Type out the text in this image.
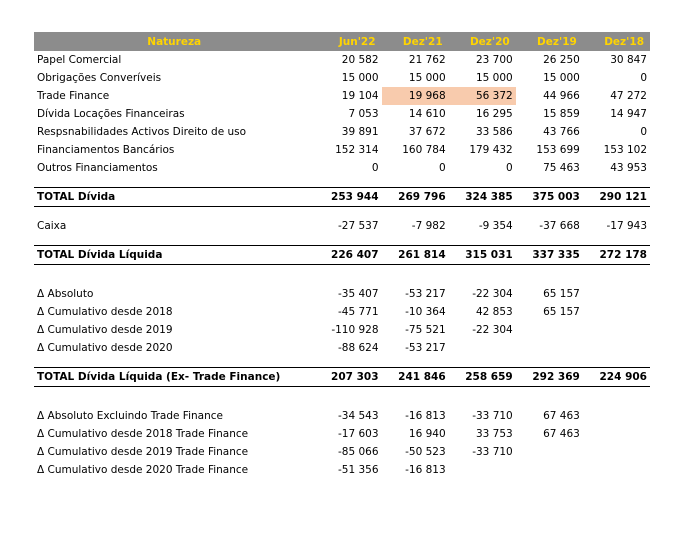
Natureza	Jun'22	Dez'21	Dez'20	Dez'19	Dez'18
Papel Comercial	20 582	21 762	23 700	26 250	30 847
Obrigações Converíveis	15 000	15 000	15 000	15 000	0
Trade Finance	19 104	19 968	56 372	44 966	47 272
Dívida Locações Financeiras	7 053	14 610	16 295	15 859	14 947
Respsnabilidades Activos Direito de uso	39 891	37 672	33 586	43 766	0
Financiamentos Bancários	152 314	160 784	179 432	153 699	153 102
Outros Financiamentos	0	0	0	75 463	43 953

TOTAL Dívida	253 944	269 796	324 385	375 003	290 121

Caixa	-27 537	-7 982	-9 354	-37 668	-17 943

TOTAL Dívida Líquida	226 407	261 814	315 031	337 335	272 178

Δ Absoluto	-35 407	-53 217	-22 304	65 157	
Δ Cumulativo desde 2018	-45 771	-10 364	42 853	65 157	
Δ Cumulativo desde 2019	-110 928	-75 521	-22 304		
Δ Cumulativo desde 2020	-88 624	-53 217			

TOTAL Dívida Líquida (Ex- Trade Finance)	207 303	241 846	258 659	292 369	224 906

Δ Absoluto Excluindo Trade Finance	-34 543	-16 813	-33 710	67 463	
Δ Cumulativo desde 2018 Trade Finance	-17 603	16 940	33 753	67 463	
Δ Cumulativo desde 2019 Trade Finance	-85 066	-50 523	-33 710		
Δ Cumulativo desde 2020 Trade Finance	-51 356	-16 813			
